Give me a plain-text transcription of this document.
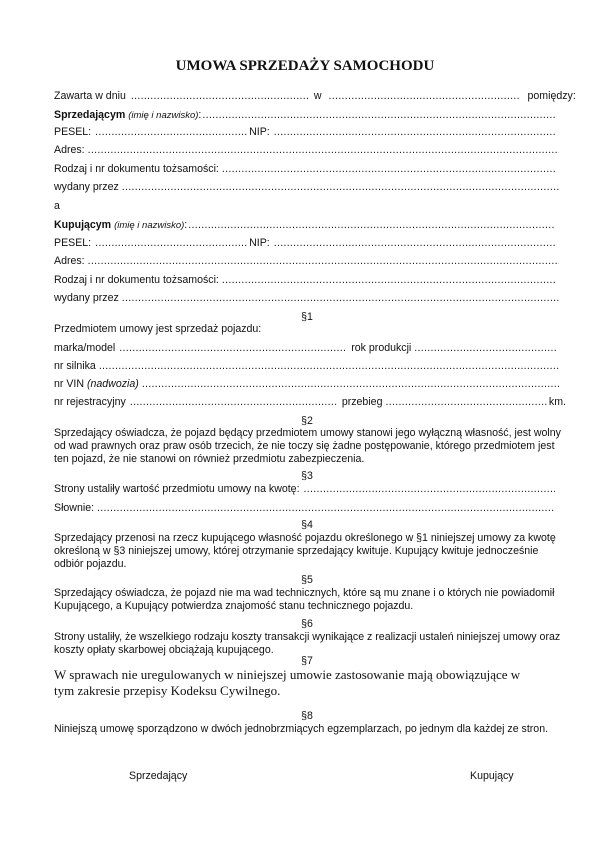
UMOWA SPRZEDAŻY SAMOCHODU
Zawarta w dniu .....	w .....	pomiędzy:
Sprzedającym
(imię i nazwisko) :
.....
PESEL: .....	NIP:
.....
Adres:
.....
Rodzaj i nr dokumentu tożsamości:
.....
wydany przez
.....
a
Kupującym
(imię i nazwisko) :
.....
PESEL: .....	NIP:
.....
Adres:
.....
Rodzaj i nr dokumentu tożsamości:
.....
wydany przez
.....
§1
Przedmiotem umowy jest sprzedaż pojazdu:
marka/model .....	rok produkcji
.....
nr silnika
.....
nr VIN
(nadwozia)
.....
nr rejestracyjny .....	przebieg .....	km.
§2
Sprzedający oświadcza, że pojazd będący przedmiotem umowy stanowi jego wyłączną własność, jest wolny od wad prawnych oraz praw osób trzecich, że nie toczy się żadne postępowanie, którego przedmiotem jest ten pojazd, że nie stanowi on również przedmiotu zabezpieczenia.
§3
Strony ustaliły wartość przedmiotu umowy na kwotę:
.....
Słownie:
.....
§4
Sprzedający przenosi na rzecz kupującego własność pojazdu określonego w §1 niniejszej umowy za kwotę określoną w §3 niniejszej umowy, której otrzymanie sprzedający kwituje. Kupujący kwituje jednocześnie odbiór pojazdu.
§5
Sprzedający oświadcza, że pojazd nie ma wad technicznych, które są mu znane i o których nie powiadomił Kupującego, a Kupujący potwierdza znajomość stanu technicznego pojazdu.
§6
Strony ustaliły, że wszelkiego rodzaju koszty transakcji wynikające z realizacji ustaleń niniejszej umowy oraz koszty opłaty skarbowej obciążają kupującego.
§7
W sprawach nie uregulowanych w niniejszej umowie zastosowanie mają obowiązujące w tym zakresie przepisy Kodeksu Cywilnego.
§8
Niniejszą umowę sporządzono w dwóch jednobrzmiących egzemplarzach, po jednym dla każdej ze stron.
Sprzedający	Kupujący
